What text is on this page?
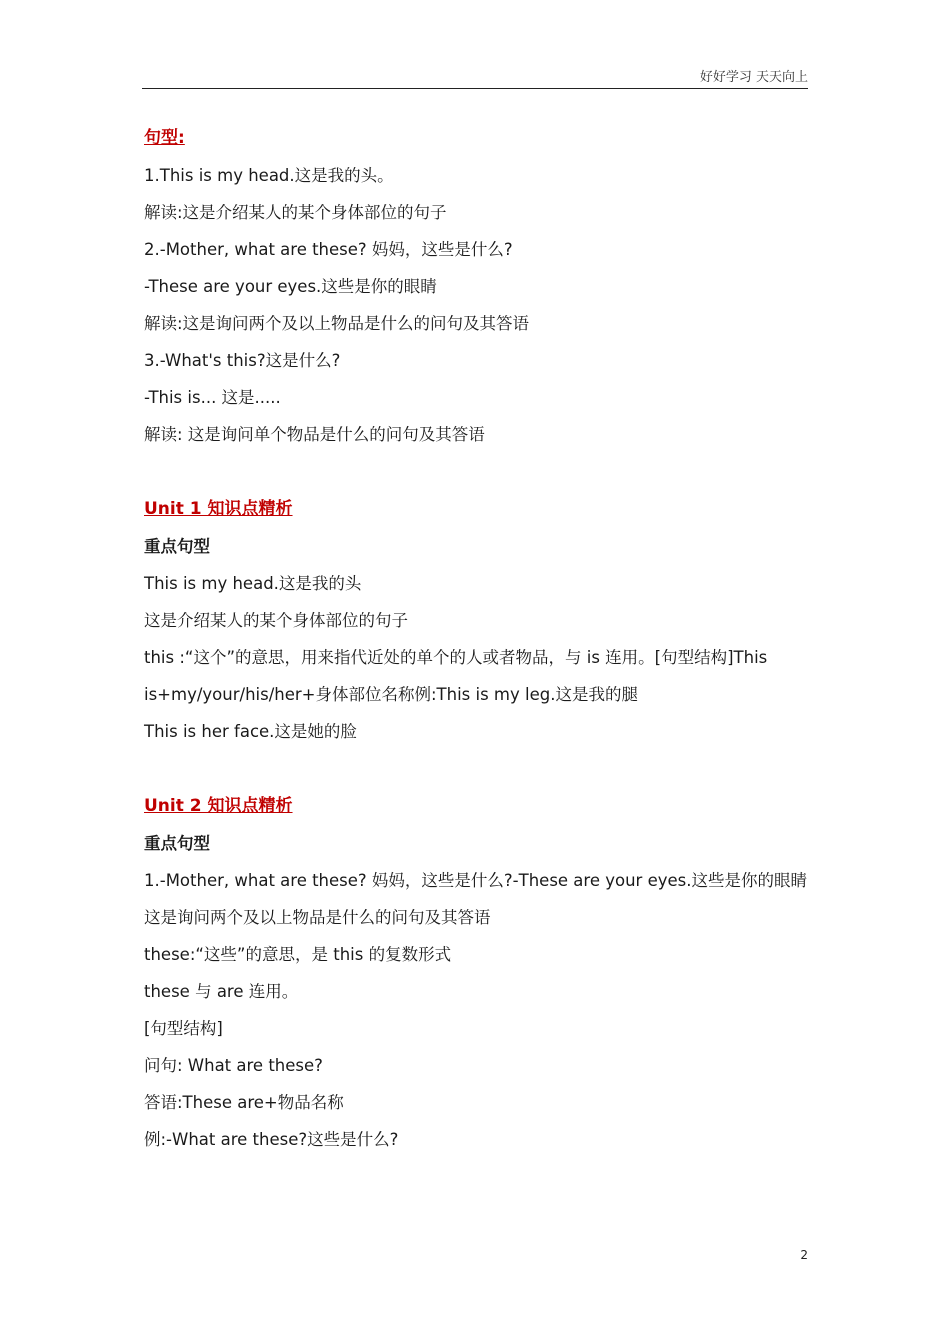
好好学习 天天向上

句型:

1.This is my head.这是我的头。

解读:这是介绍某人的某个身体部位的句子

2.-Mother, what are these? 妈妈，这些是什么?

-These are your eyes.这些是你的眼睛

解读:这是询问两个及以上物品是什么的问句及其答语

3.-What's this?这是什么?

-This is... 这是.....

解读: 这是询问单个物品是什么的问句及其答语

Unit 1 知识点精析

重点句型

This is my head.这是我的头

这是介绍某人的某个身体部位的句子

this :“这个”的意思，用来指代近处的单个的人或者物品，与 is 连用。[句型结构]This is+my/your/his/her+身体部位名称例:This is my leg.这是我的腿

This is her face.这是她的脸

Unit 2 知识点精析

重点句型

1.-Mother, what are these? 妈妈，这些是什么?-These are your eyes.这些是你的眼睛

这是询问两个及以上物品是什么的问句及其答语

these:“这些”的意思，是 this 的复数形式

these 与 are 连用。

[句型结构]

问句: What are these?

答语:These are+物品名称

例:-What are these?这些是什么?

2
